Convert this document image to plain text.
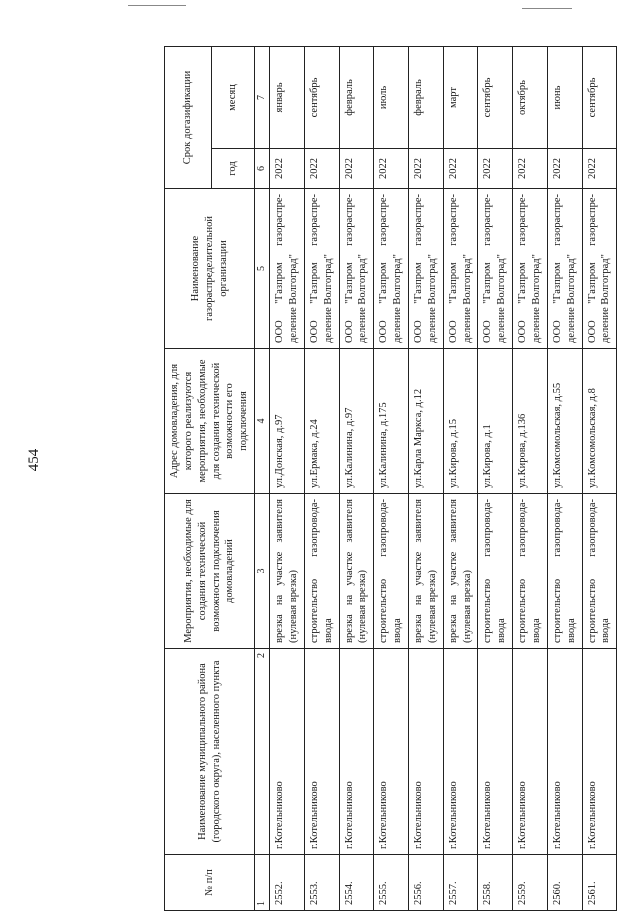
454
№ п/п	Наименование муниципального района (городского округа), населенного пункта	Мероприятия, необходимые для создания технической возможности подключения домовладений	Адрес домовладения, для которого реализуются мероприятия, необходимые для создания технической возможности его подключения	Наименование газораспределительной организации	Срок догазификации	
					год	месяц
1	2	3	4	5	6	7
2552.	г.Котельниково	врезка на участке заявителя (нулевая врезка)	ул.Донская, д.97	ООО "Газпром газораспре- деление Волгоград"	2022	январь
2553.	г.Котельниково	строительство газопровода- ввода	ул.Ермака, д.24	ООО "Газпром газораспре- деление Волгоград"	2022	сентябрь
2554.	г.Котельниково	врезка на участке заявителя (нулевая врезка)	ул.Калинина, д.97	ООО "Газпром газораспре- деление Волгоград"	2022	февраль
2555.	г.Котельниково	строительство газопровода- ввода	ул.Калинина, д.175	ООО "Газпром газораспре- деление Волгоград"	2022	июль
2556.	г.Котельниково	врезка на участке заявителя (нулевая врезка)	ул.Карла Маркса, д.12	ООО "Газпром газораспре- деление Волгоград"	2022	февраль
2557.	г.Котельниково	врезка на участке заявителя (нулевая врезка)	ул.Кирова, д.15	ООО "Газпром газораспре- деление Волгоград"	2022	март
2558.	г.Котельниково	строительство газопровода- ввода	ул.Кирова, д.1	ООО "Газпром газораспре- деление Волгоград"	2022	сентябрь
2559.	г.Котельниково	строительство газопровода- ввода	ул.Кирова, д.136	ООО "Газпром газораспре- деление Волгоград"	2022	октябрь
2560.	г.Котельниково	строительство газопровода- ввода	ул.Комсомольская, д.55	ООО "Газпром газораспре- деление Волгоград"	2022	июнь
2561.	г.Котельниково	строительство газопровода- ввода	ул.Комсомольская, д.8	ООО "Газпром газораспре- деление Волгоград"	2022	сентябрь
